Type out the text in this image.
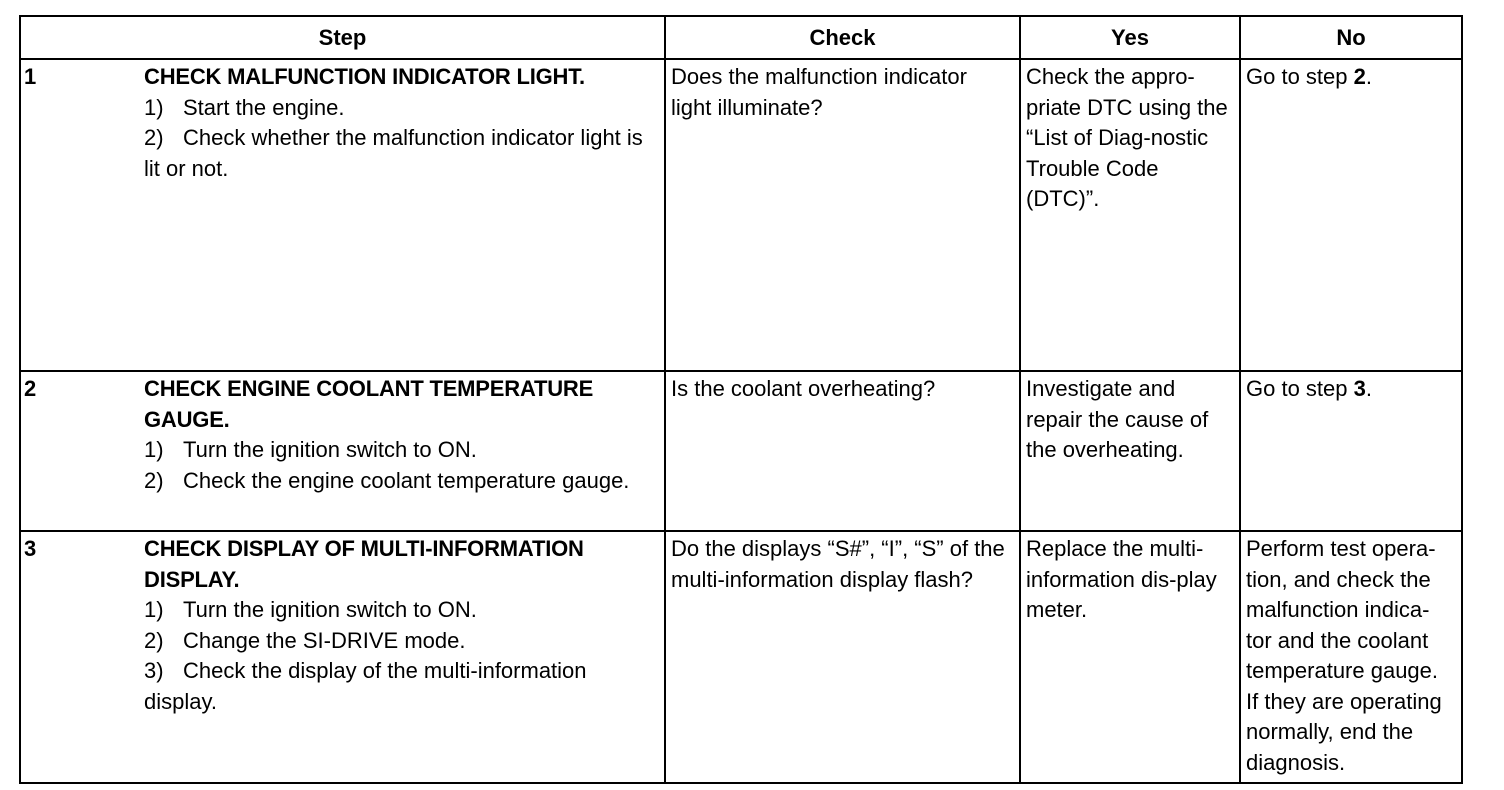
Step	Check	Yes	No

1 CHECK MALFUNCTION INDICATOR LIGHT.
1) Start the engine.
2) Check whether the malfunction indicator light is lit or not.	Does the malfunction indicator light illuminate?	Check the appro-priate DTC using the “List of Diag-nostic Trouble Code (DTC)”.	Go to step 2.

2 CHECK ENGINE COOLANT TEMPERATURE GAUGE.
1) Turn the ignition switch to ON.
2) Check the engine coolant temperature gauge.	Is the coolant overheating?	Investigate and repair the cause of the overheating.	Go to step 3.

3 CHECK DISPLAY OF MULTI-INFORMATION DISPLAY.
1) Turn the ignition switch to ON.
2) Change the SI-DRIVE mode.
3) Check the display of the multi-information display.	Do the displays “S#”, “I”, “S” of the multi-information display flash?	Replace the multi-information dis-play meter.	Perform test opera-tion, and check the malfunction indica-tor and the coolant temperature gauge. If they are operating normally, end the diagnosis.
